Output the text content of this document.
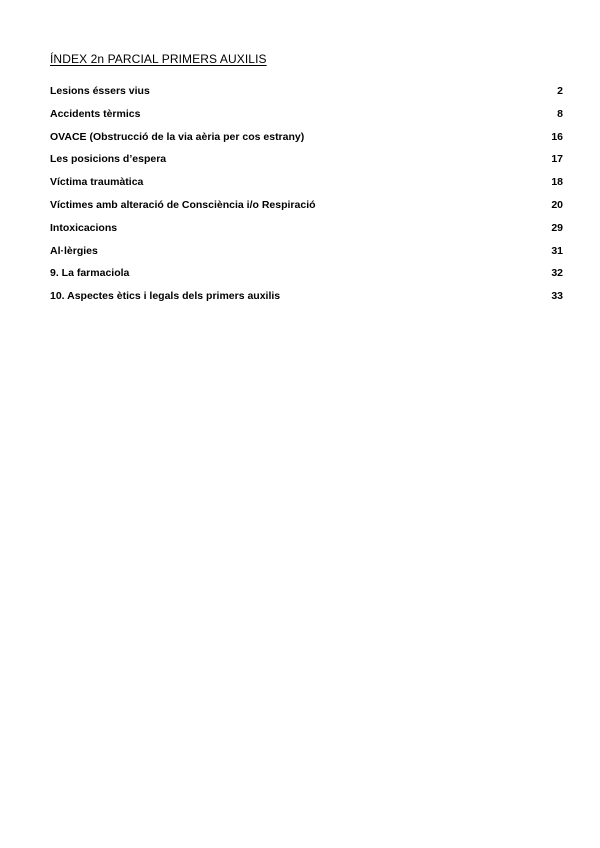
ÍNDEX 2n PARCIAL PRIMERS AUXILIS
Lesions éssers vius	2
Accidents tèrmics	8
OVACE (Obstrucció de la via aèria per cos estrany)	16
Les posicions d’espera	17
Víctima traumàtica	18
Víctimes amb alteració de Consciència i/o Respiració	20
Intoxicacions	29
Al·lèrgies	31
9. La farmaciola	32
10. Aspectes ètics i legals dels primers auxilis	33
